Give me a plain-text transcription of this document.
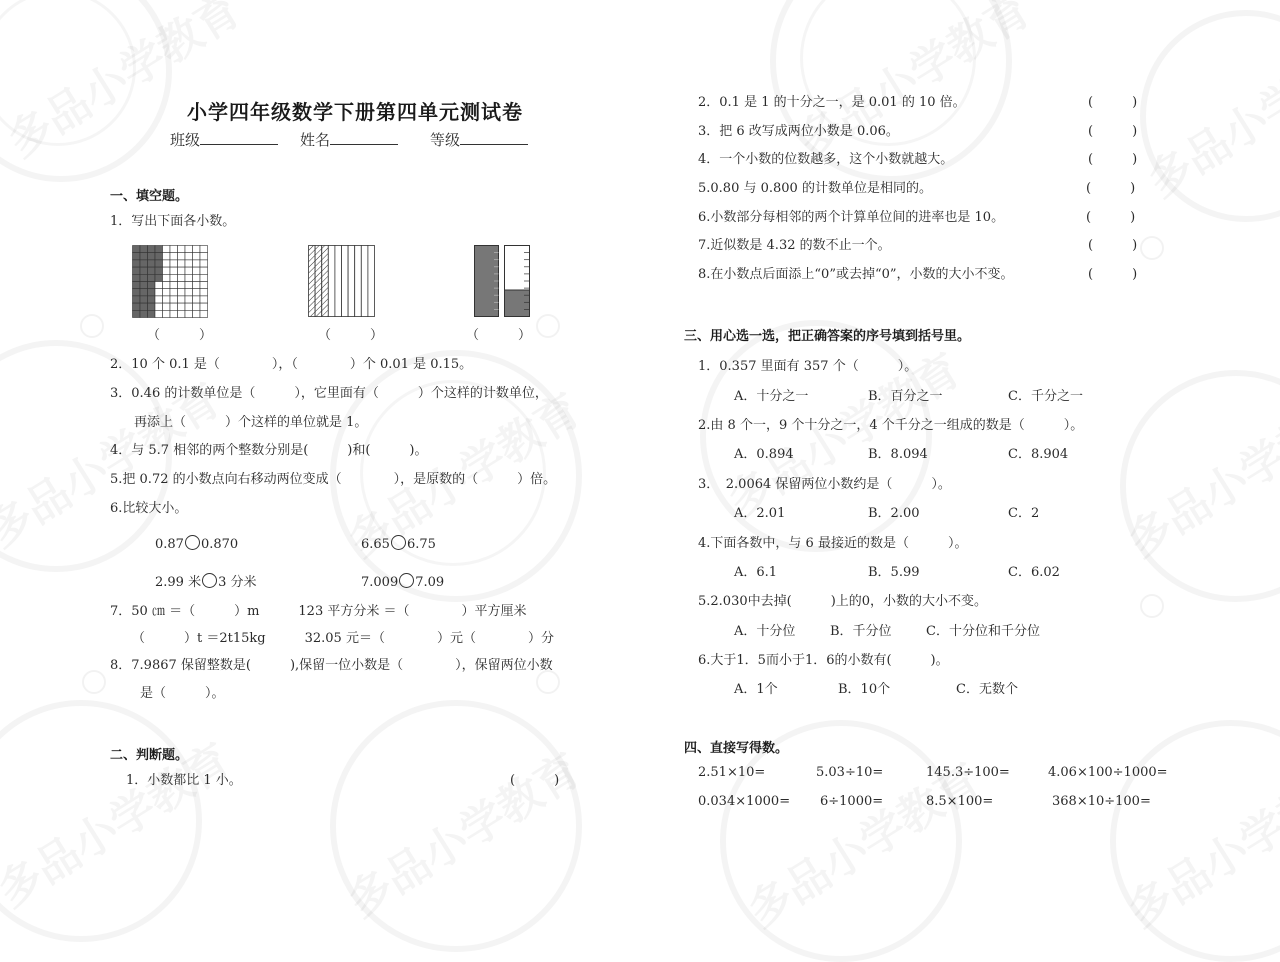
小学四年级数学下册第四单元测试卷
班级	姓名	等级
一、填空题。
1．写出下面各小数。
（　　　）	（　　　）	（　　　）
2．10 个 0.1 是（　　　　），（　　　　）个 0.01 是 0.15。
3．0.46 的计数单位是（　　　），它里面有（　　　）个这样的计数单位，
再添上（　　　）个这样的单位就是 1。
4．与 5.7 相邻的两个整数分别是(　　　)和(　　　)。
5.把 0.72 的小数点向右移动两位变成（　　　　），是原数的（　　　）倍。
6.比较大小。
0.87 0.870	6.65 6.75
2.99 米 3 分米	7.009 7.09
7．50 ㎝ ＝（　　　）m　　　123 平方分米 ＝（　　　　）平方厘米
（　　　）t ＝2t15kg　　　32.05 元＝（　　　　）元（　　　　）分
8．7.9867 保留整数是(　　　),保留一位小数是（　　　　），保留两位小数
是（　　　）。
二、判断题。
1．小数都比 1 小。	(　　　)
2．0.1 是 1 的十分之一，是 0.01 的 10 倍。	(　　　)
3．把 6 改写成两位小数是 0.06。	(　　　)
4．一个小数的位数越多，这个小数就越大。	(　　　)
5.0.80 与 0.800 的计数单位是相同的。	(　　　)
6.小数部分每相邻的两个计算单位间的进率也是 10。	(　　　)
7.近似数是 4.32 的数不止一个。	(　　　)
8.在小数点后面添上“0”或去掉“0”，小数的大小不变。	(　　　)
三、用心选一选，把正确答案的序号填到括号里。
1．0.357 里面有 357 个（　　　）。
A．十分之一	B．百分之一	C．千分之一
2.由 8 个一，9 个十分之一，4 个千分之一组成的数是（　　　）。
A．0.894	B．8.094	C．8.904
3．　2.0064 保留两位小数约是（　　　）。
A．2.01	B．2.00	C．2
4.下面各数中，与 6 最接近的数是（　　　）。
A．6.1	B．5.99	C．6.02
5.2.030中去掉(　　　)上的0，小数的大小不变。
A．十分位	B．千分位	C．十分位和千分位
6.大于1．5而小于1．6的小数有(　　　)。
A．1个	B．10个	C．无数个
四、直接写得数。
2.51×10=	5.03÷10=	145.3÷100=	4.06×100÷1000=
0.034×1000= 6÷1000=	8.5×100=	368×10÷100=
